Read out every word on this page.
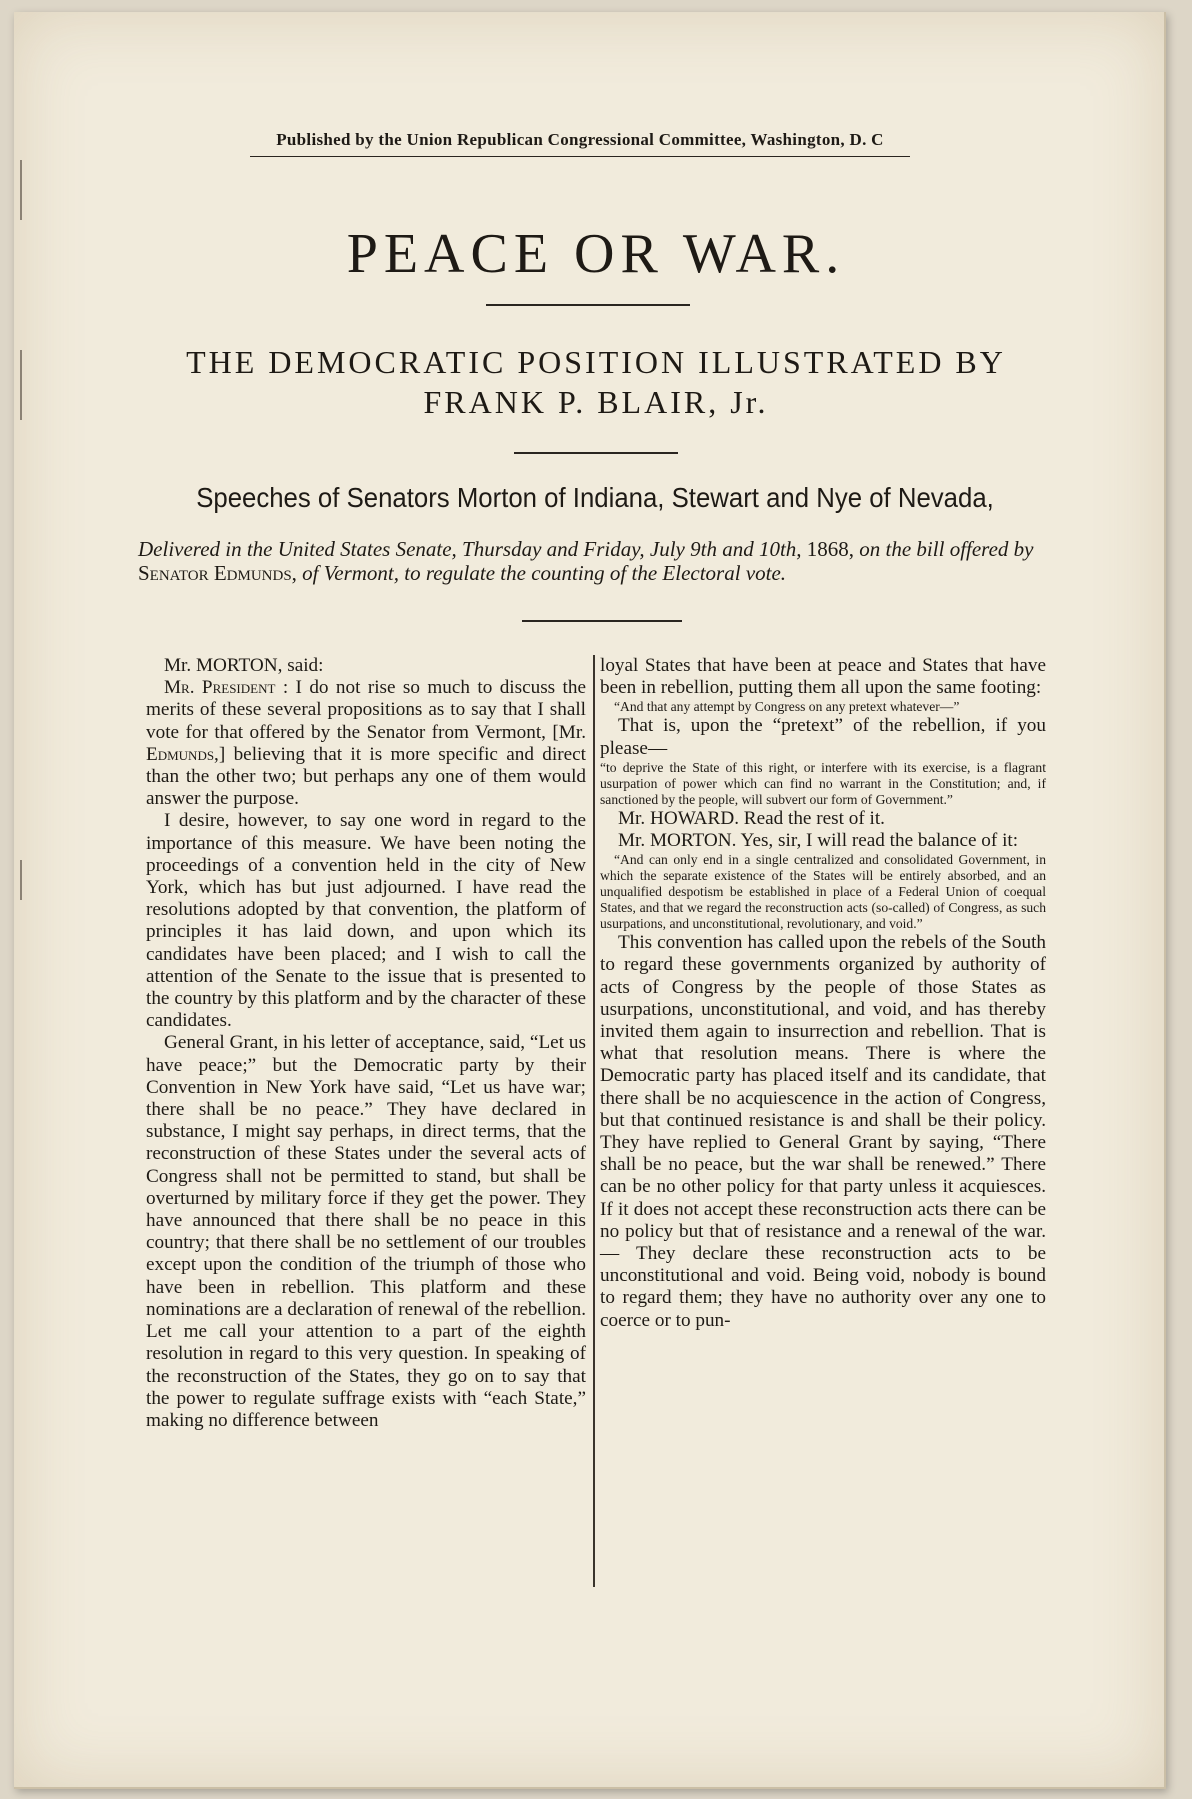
Published by the Union Republican Congressional Committee, Washington, D. C
PEACE OR WAR.
THE DEMOCRATIC POSITION ILLUSTRATED BY
FRANK P. BLAIR, Jr.
Speeches of Senators Morton of Indiana, Stewart and Nye of Nevada,
Delivered in the United States Senate, Thursday and Friday, July 9th and 10th, 1868, on the bill offered by Senator Edmunds, of Vermont, to regulate the counting of the Electoral vote.

Mr. MORTON, said:

Mr. President : I do not rise so much to discuss the merits of these several propositions as to say that I shall vote for that offered by the Senator from Vermont, [Mr. Edmunds,] believing that it is more specific and direct than the other two; but perhaps any one of them would answer the purpose.

I desire, however, to say one word in regard to the importance of this measure. We have been noting the proceedings of a convention held in the city of New York, which has but just adjourned. I have read the resolutions adopted by that convention, the platform of principles it has laid down, and upon which its candidates have been placed; and I wish to call the attention of the Senate to the issue that is presented to the country by this platform and by the character of these candidates.

General Grant, in his letter of acceptance, said, “Let us have peace;” but the Democratic party by their Convention in New York have said, “Let us have war; there shall be no peace.” They have declared in substance, I might say perhaps, in direct terms, that the reconstruction of these States under the several acts of Congress shall not be permitted to stand, but shall be overturned by military force if they get the power. They have announced that there shall be no peace in this country; that there shall be no settlement of our troubles except upon the condition of the triumph of those who have been in rebellion. This platform and these nominations are a declaration of renewal of the rebellion. Let me call your attention to a part of the eighth resolution in regard to this very question. In speaking of the reconstruction of the States, they go on to say that the power to regulate suffrage exists with “each State,” making no difference between

loyal States that have been at peace and States that have been in rebellion, putting them all upon the same footing:

“And that any attempt by Congress on any pretext whatever—”

That is, upon the “pretext” of the rebellion, if you please—

“to deprive the State of this right, or interfere with its exercise, is a flagrant usurpation of power which can find no warrant in the Constitution; and, if sanctioned by the people, will subvert our form of Government.”

Mr. HOWARD. Read the rest of it.

Mr. MORTON. Yes, sir, I will read the balance of it:

“And can only end in a single centralized and consolidated Government, in which the separate existence of the States will be entirely absorbed, and an unqualified despotism be established in place of a Federal Union of coequal States, and that we regard the reconstruction acts (so-called) of Congress, as such usurpations, and unconstitutional, revolutionary, and void.”

This convention has called upon the rebels of the South to regard these governments organized by authority of acts of Congress by the people of those States as usurpations, unconstitutional, and void, and has thereby invited them again to insurrection and rebellion. That is what that resolution means. There is where the Democratic party has placed itself and its candidate, that there shall be no acquiescence in the action of Congress, but that continued resistance is and shall be their policy. They have replied to General Grant by saying, “There shall be no peace, but the war shall be renewed.” There can be no other policy for that party unless it acquiesces. If it does not accept these reconstruction acts there can be no policy but that of resistance and a renewal of the war.— They declare these reconstruction acts to be unconstitutional and void. Being void, nobody is bound to regard them; they have no authority over any one to coerce or to pun-
